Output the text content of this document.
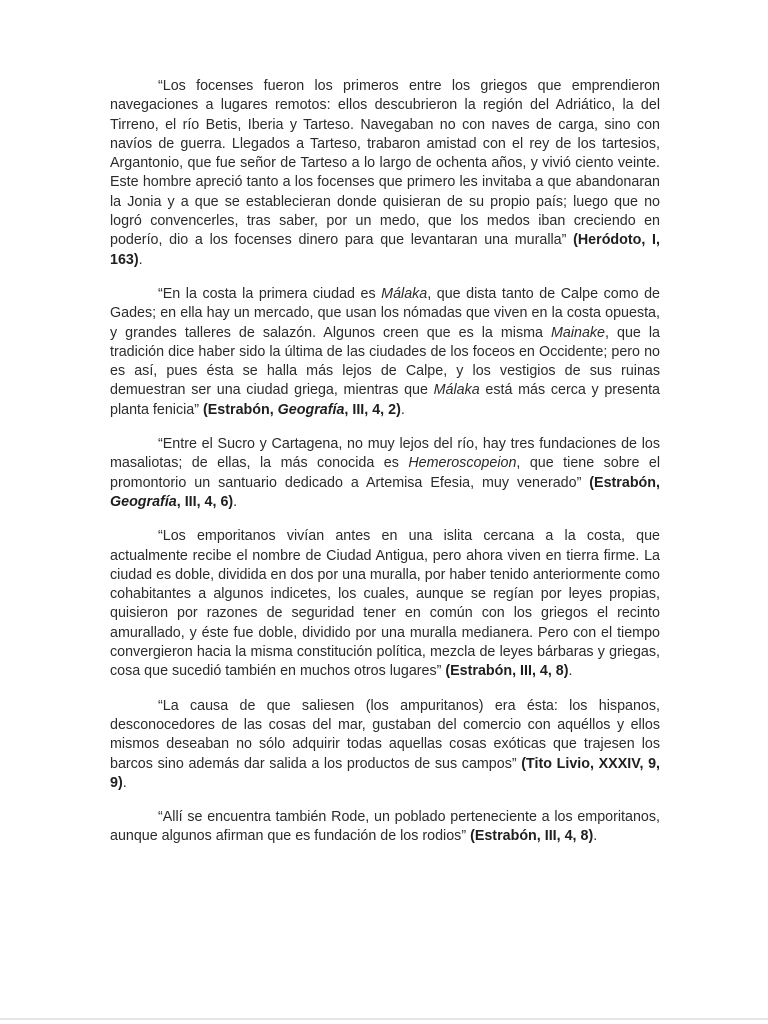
“Los focenses fueron los primeros entre los griegos que emprendieron navegaciones a lugares remotos: ellos descubrieron la región del Adriático, la del Tirreno, el río Betis, Iberia y Tarteso. Navegaban no con naves de carga, sino con navíos de guerra. Llegados a Tarteso, trabaron amistad con el rey de los tartesios, Argantonio, que fue señor de Tarteso a lo largo de ochenta años, y vivió ciento veinte. Este hombre apreció tanto a los focenses que primero les invitaba a que abandonaran la Jonia y a que se establecieran donde quisieran de su propio país; luego que no logró convencerles, tras saber, por un medo, que los medos iban creciendo en poderío, dio a los focenses dinero para que levantaran una muralla” (Heródoto, I, 163).

“En la costa la primera ciudad es Málaka, que dista tanto de Calpe como de Gades; en ella hay un mercado, que usan los nómadas que viven en la costa opuesta, y grandes talleres de salazón. Algunos creen que es la misma Mainake, que la tradición dice haber sido la última de las ciudades de los foceos en Occidente; pero no es así, pues ésta se halla más lejos de Calpe, y los vestigios de sus ruinas demuestran ser una ciudad griega, mientras que Málaka está más cerca y presenta planta fenicia” (Estrabón, Geografía, III, 4, 2).

“Entre el Sucro y Cartagena, no muy lejos del río, hay tres fundaciones de los masaliotas; de ellas, la más conocida es Hemeroscopeion, que tiene sobre el promontorio un santuario dedicado a Artemisa Efesia, muy venerado” (Estrabón, Geografía, III, 4, 6).

“Los emporitanos vivían antes en una islita cercana a la costa, que actualmente recibe el nombre de Ciudad Antigua, pero ahora viven en tierra firme. La ciudad es doble, dividida en dos por una muralla, por haber tenido anteriormente como cohabitantes a algunos indicetes, los cuales, aunque se regían por leyes propias, quisieron por razones de seguridad tener en común con los griegos el recinto amurallado, y éste fue doble, dividido por una muralla medianera. Pero con el tiempo convergieron hacia la misma constitución política, mezcla de leyes bárbaras y griegas, cosa que sucedió también en muchos otros lugares” (Estrabón, III, 4, 8).

“La causa de que saliesen (los ampuritanos) era ésta: los hispanos, desconocedores de las cosas del mar, gustaban del comercio con aquéllos y ellos mismos deseaban no sólo adquirir todas aquellas cosas exóticas que trajesen los barcos sino además dar salida a los productos de sus campos” (Tito Livio, XXXIV, 9, 9).

“Allí se encuentra también Rode, un poblado perteneciente a los emporitanos, aunque algunos afirman que es fundación de los rodios” (Estrabón, III, 4, 8).
